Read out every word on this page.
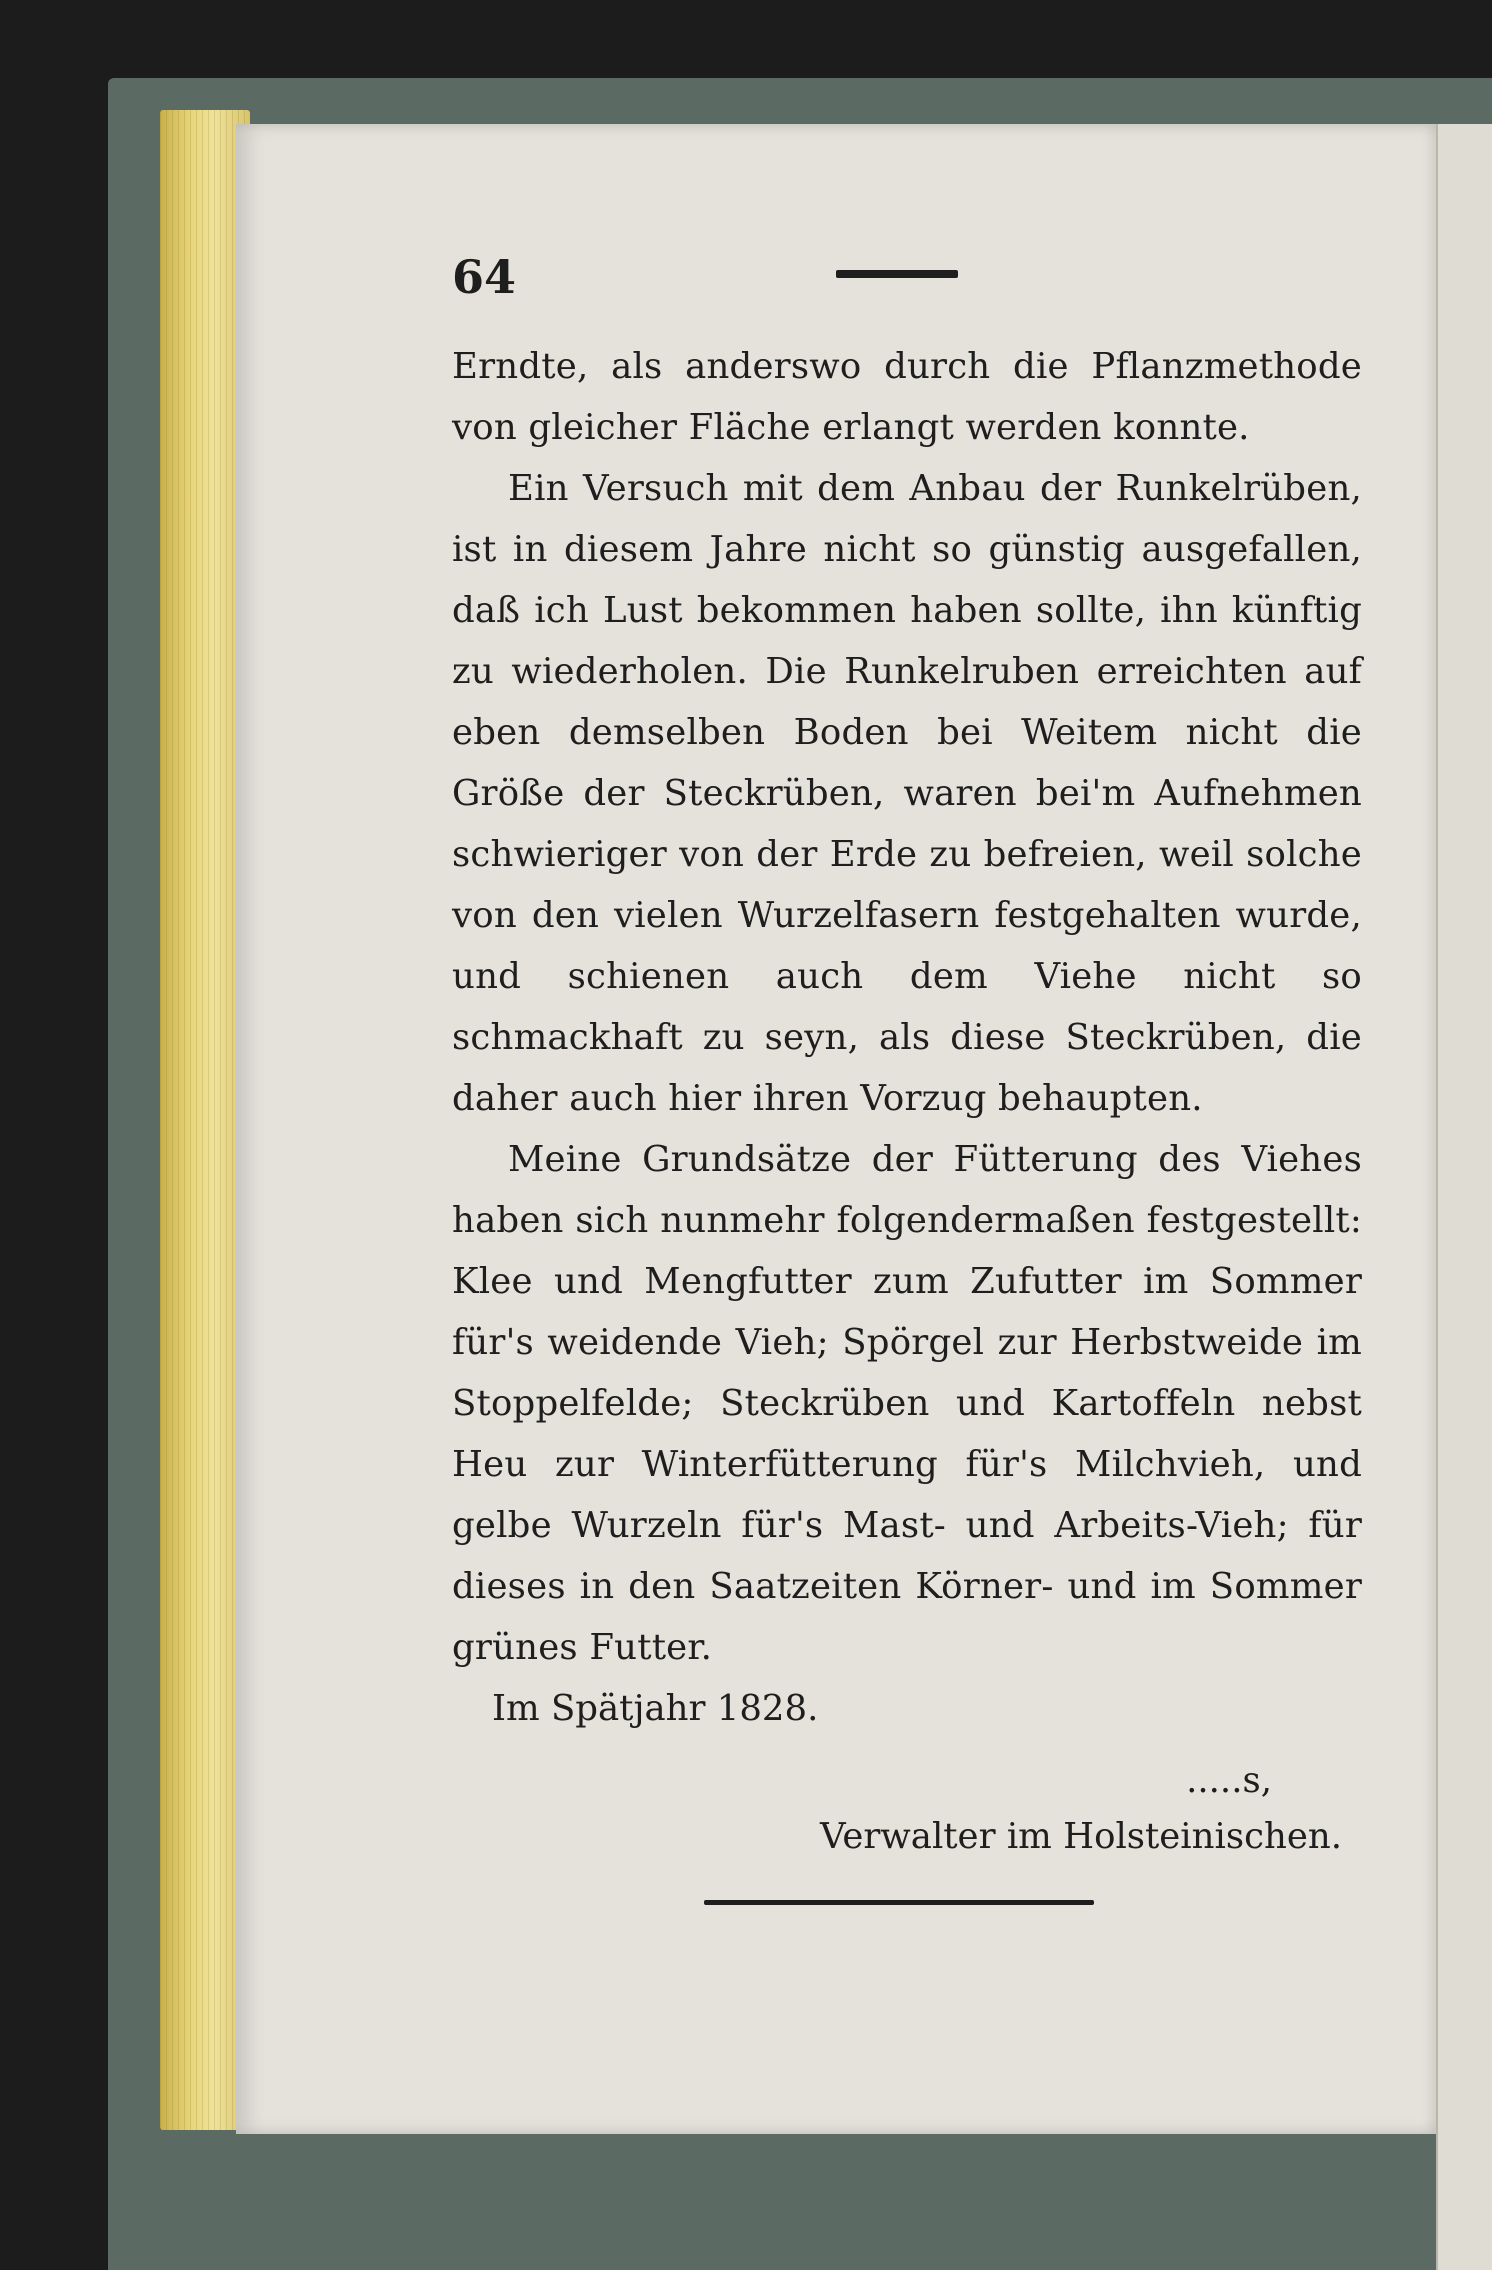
64

Erndte, als anderswo durch die Pflanzmethode von gleicher Fläche erlangt werden konnte.

Ein Versuch mit dem Anbau der Runkelrüben, ist in diesem Jahre nicht so günstig ausgefallen, daß ich Lust bekommen haben sollte, ihn künftig zu wiederholen. Die Runkelruben erreichten auf eben demselben Boden bei Weitem nicht die Größe der Steckrüben, waren bei'm Aufnehmen schwieriger von der Erde zu befreien, weil solche von den vielen Wurzelfasern festgehalten wurde, und schienen auch dem Viehe nicht so schmackhaft zu seyn, als diese Steckrüben, die daher auch hier ihren Vorzug behaupten.

Meine Grundsätze der Fütterung des Viehes haben sich nunmehr folgendermaßen festgestellt: Klee und Mengfutter zum Zufutter im Sommer für's weidende Vieh; Spörgel zur Herbstweide im Stoppelfelde; Steckrüben und Kartoffeln nebst Heu zur Winterfütterung für's Milchvieh, und gelbe Wurzeln für's Mast- und Arbeits-Vieh; für dieses in den Saatzeiten Körner- und im Sommer grünes Futter.

Im Spätjahr 1828.

.....s,

Verwalter im Holsteinischen.
